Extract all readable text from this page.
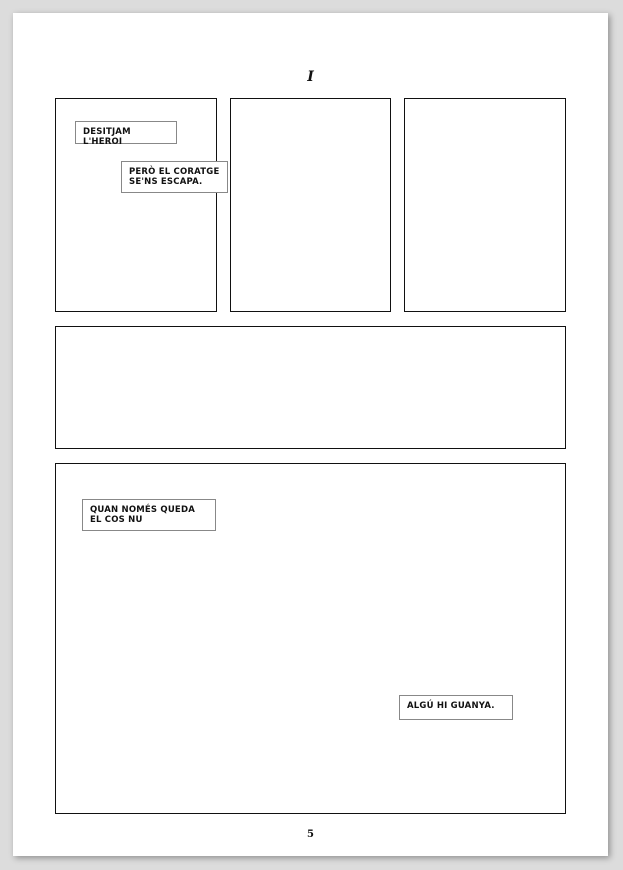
I
DESITJAM L'HEROI
PERÒ EL CORATGE
SE'NS ESCAPA.
QUAN NOMÉS QUEDA
EL COS NU
ALGÚ HI GUANYA.
5
